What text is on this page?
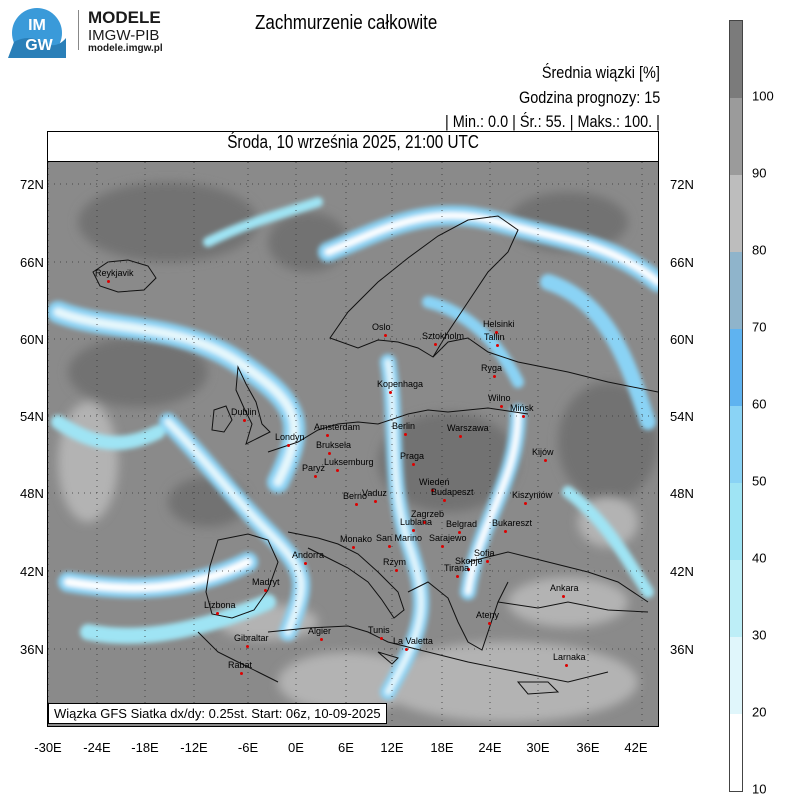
IM
GW
MODELE
IMGW-PIB
modele.imgw.pl
Zachmurzenie całkowite
Średnia wiązki [%]
Godzina prognozy: 15
| Min.: 0.0 | Śr.: 55. | Maks.: 100. |
Środa, 10 września 2025, 21:00 UTC
Reykjavik
Oslo
Sztokholm
Helsinki
Tallin
Ryga
Wilno
Mińsk
Kopenhaga
Dublin
Londyn
Amsterdam
Bruksela
Luksemburg
Paryż
Berlin	Warszawa
Praga	Kijów
Berno
Vaduz
Wiedeń
Budapeszt	Kiszyniów
Zagrzeb
Lublana Belgrad Bukareszt
Monako San Marino Sarajewo
Sofia
Skopje
Andorra
Rzym
Tirana
Madryt
Lizbona
Ankara
Ateny
Algier	Tunis
La Valetta
Gibraltar
Rabat
Larnaka
Wiązka GFS Siatka dx/dy: 0.25st. Start: 06z, 10-09-2025
72N
66N
60N
54N
48N
42N
36N
72N
66N
60N
54N
48N
42N
36N
-30E -24E -18E -12E -6E 0E	6E 12E 18E 24E 30E 36E 42E
100
90
80
70
60
50
40
30
20
10
